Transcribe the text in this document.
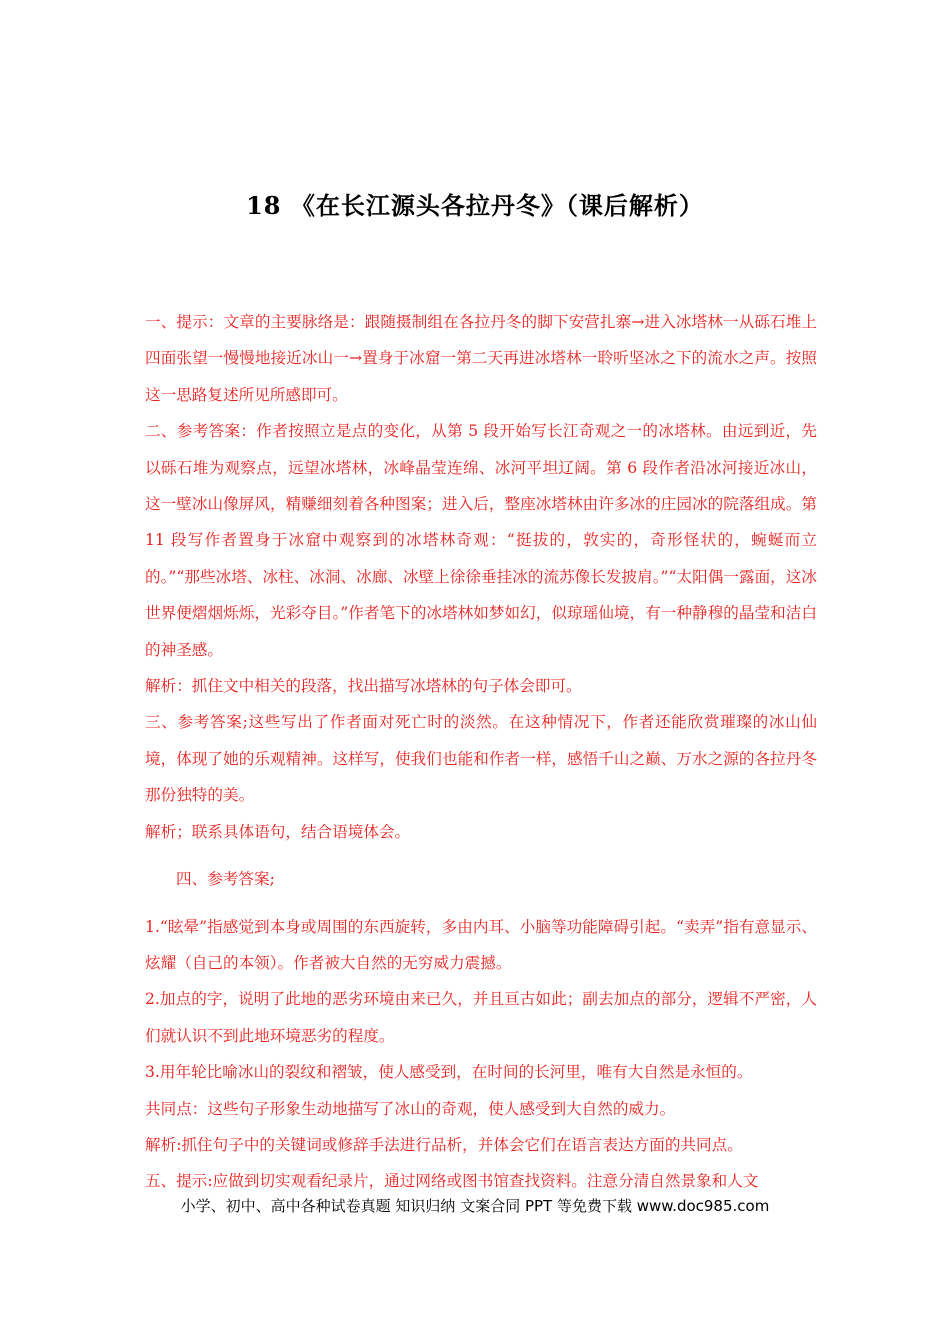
18 《在长江源头各拉丹冬》（课后解析）

一、提示：文章的主要脉络是：跟随摄制组在各拉丹冬的脚下安营扎寨→进入冰塔林一从砾石堆上四面张望一慢慢地接近冰山一→置身于冰窟一第二天再进冰塔林一聆听坚冰之下的流水之声。按照这一思路复述所见所感即可。

二、参考答案：作者按照立是点的变化，从第 5 段开始写长江奇观之一的冰塔林。由远到近，先以砾石堆为观察点，远望冰塔林，冰峰晶莹连绵、冰河平坦辽阔。第 6 段作者沿冰河接近冰山，这一壁冰山像屏风，精赚细刻着各种图案；进入后，整座冰塔林由许多冰的庄园冰的院落组成。第 11 段写作者置身于冰窟中观察到的冰塔林奇观：“挺拔的，敦实的，奇形怪状的，蜿蜒而立的。”“那些冰塔、冰柱、冰洞、冰廊、冰壁上徐徐垂挂冰的流苏像长发披肩。”“太阳偶一露面，这冰世界便熠烟烁烁，光彩夺目。”作者笔下的冰塔林如梦如幻，似琼瑶仙境，有一种静穆的晶莹和洁白的神圣感。

解析：抓住文中相关的段落，找出描写冰塔林的句子体会即可。

三、参考答案;这些写出了作者面对死亡时的淡然。在这种情况下，作者还能欣赏璀璨的冰山仙境，体现了她的乐观精神。这样写，使我们也能和作者一样，感悟千山之巅、万水之源的各拉丹冬那份独特的美。

解析；联系具体语句，结合语境体会。

四、参考答案;

1.“眩晕”指感觉到本身或周围的东西旋转，多由内耳、小脑等功能障碍引起。“卖弄”指有意显示、炫耀（自己的本领）。作者被大自然的无穷威力震撼。

2.加点的字，说明了此地的恶劣环境由来已久，并且亘古如此；副去加点的部分，逻辑不严密，人们就认识不到此地环境恶劣的程度。

3.用年轮比喻冰山的裂纹和褶皱，使人感受到，在时间的长河里，唯有大自然是永恒的。

共同点：这些句子形象生动地描写了冰山的奇观，使人感受到大自然的威力。

解析:抓住句子中的关键词或修辞手法进行品析，并体会它们在语言表达方面的共同点。

五、提示:应做到切实观看纪录片，通过网络或图书馆查找资料。注意分清自然景象和人文

小学、初中、高中各种试卷真题 知识归纳 文案合同 PPT 等免费下载 www.doc985.com
